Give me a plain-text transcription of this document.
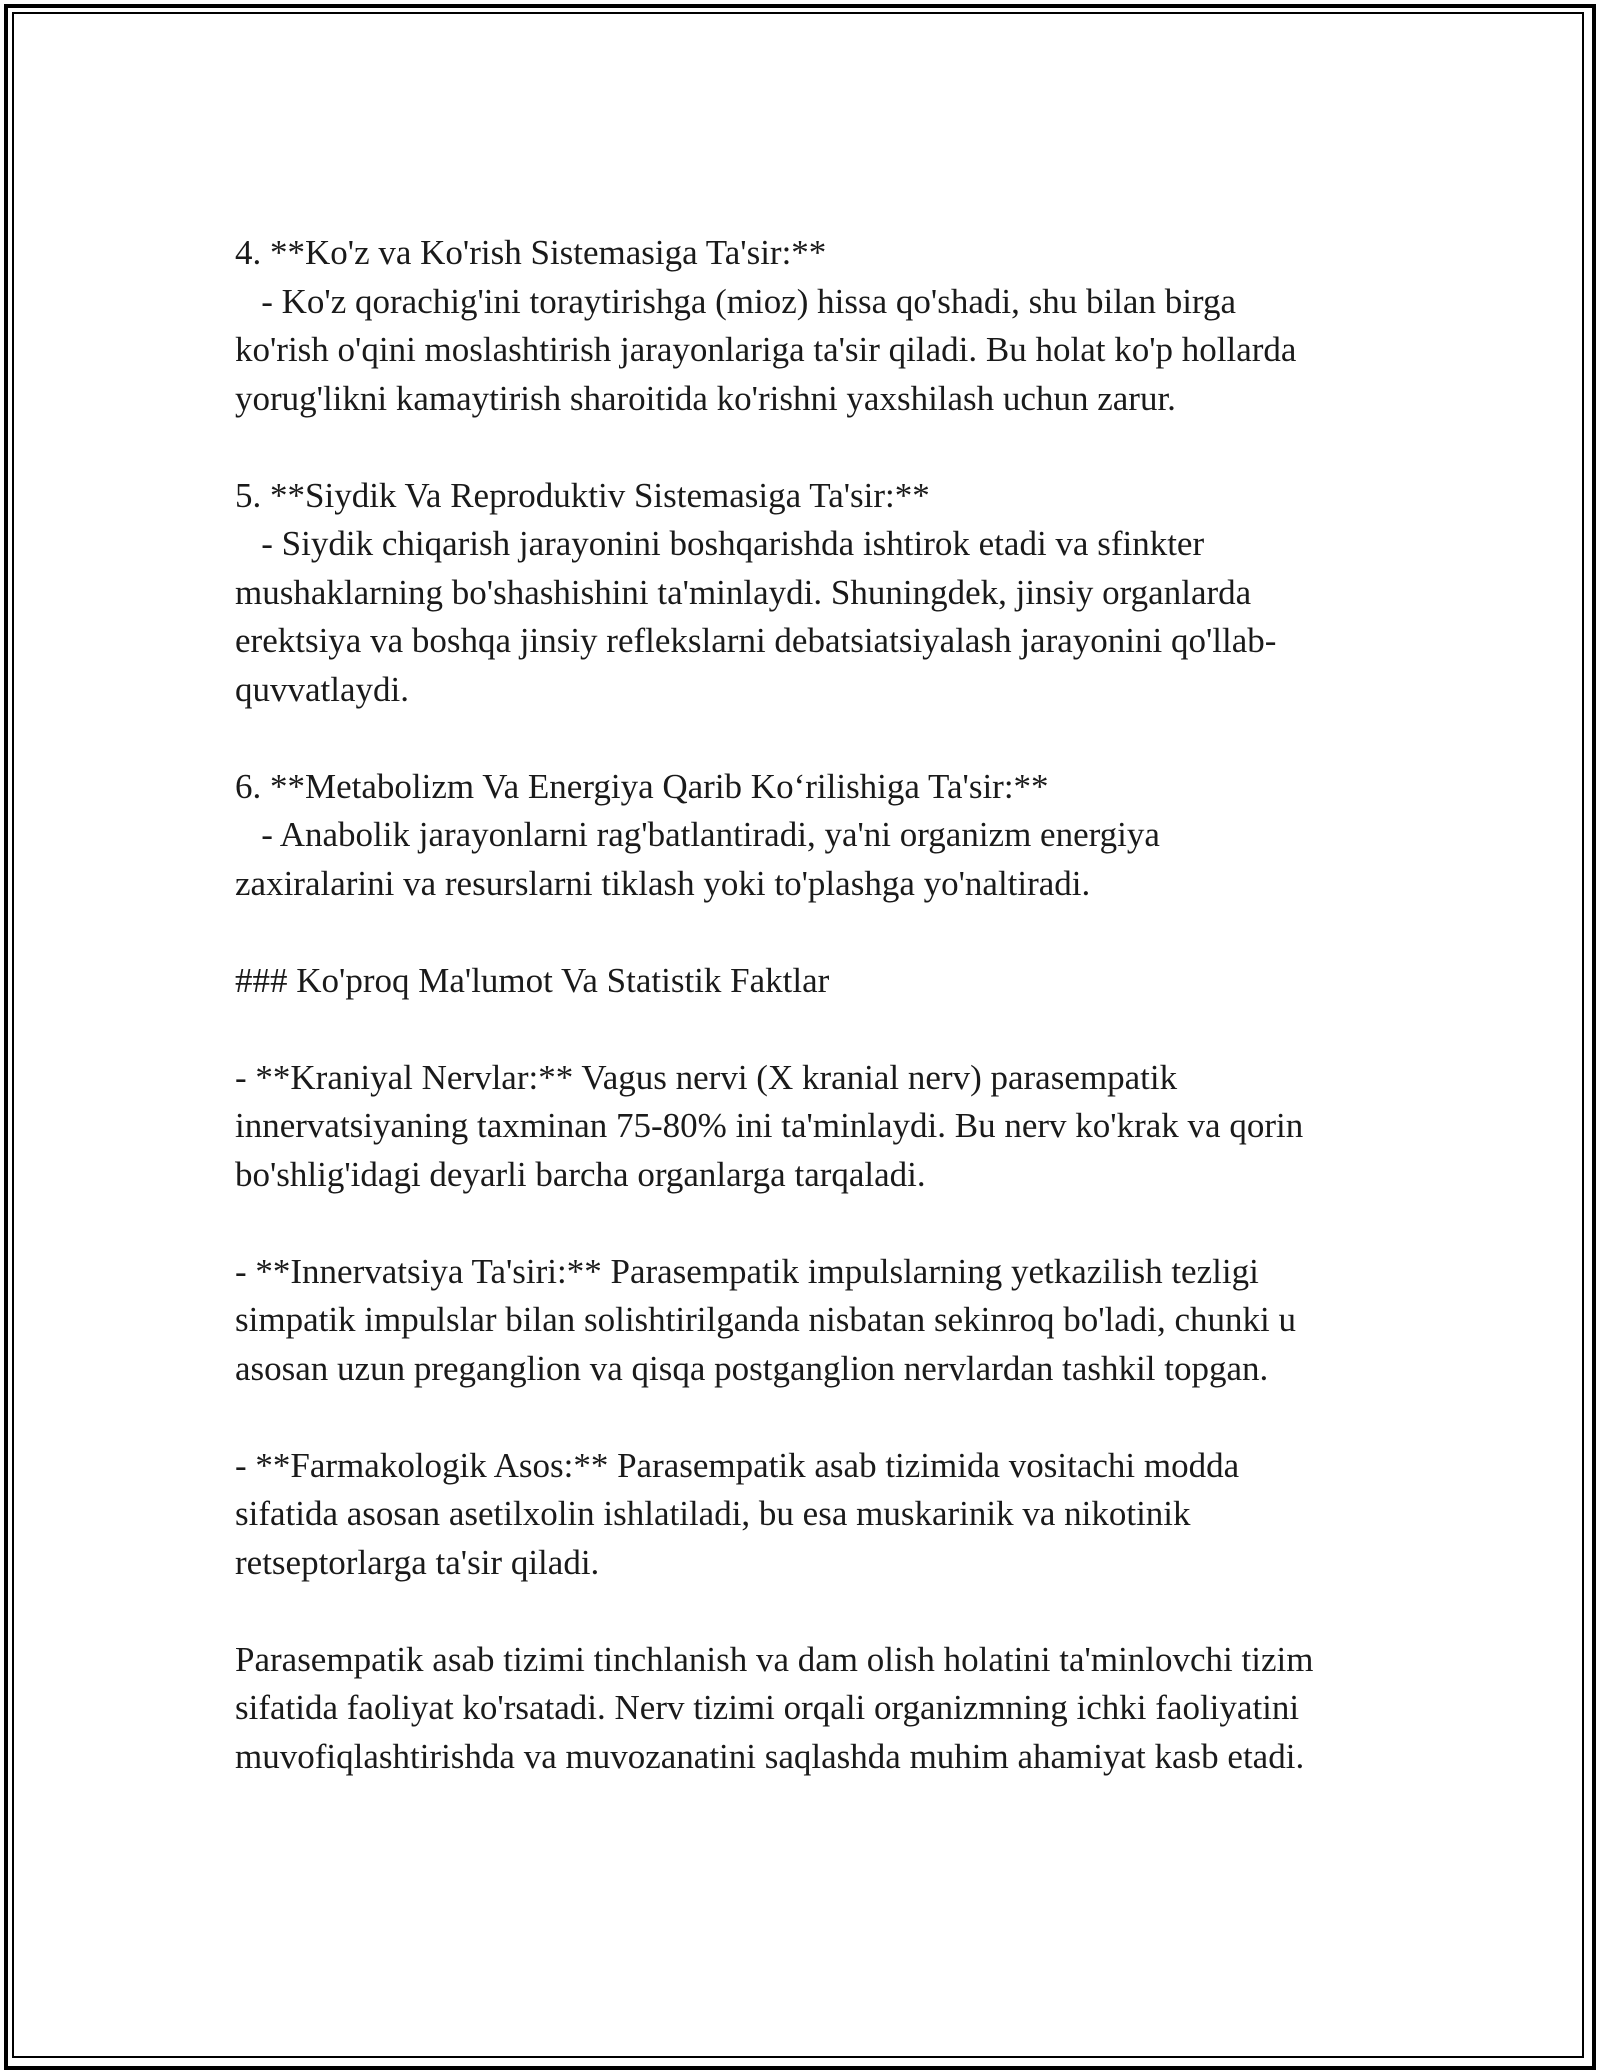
4. **Ko'z va Ko'rish Sistemasiga Ta'sir:**
- Ko'z qorachig'ini toraytirishga (mioz) hissa qo'shadi, shu bilan birga
ko'rish o'qini moslashtirish jarayonlariga ta'sir qiladi. Bu holat ko'p hollarda
yorug'likni kamaytirish sharoitida ko'rishni yaxshilash uchun zarur.
5. **Siydik Va Reproduktiv Sistemasiga Ta'sir:**
- Siydik chiqarish jarayonini boshqarishda ishtirok etadi va sfinkter
mushaklarning bo'shashishini ta'minlaydi. Shuningdek, jinsiy organlarda
erektsiya va boshqa jinsiy reflekslarni debatsiatsiyalash jarayonini qo'llab-
quvvatlaydi.
6. **Metabolizm Va Energiya Qarib Ko‘rilishiga Ta'sir:**
- Anabolik jarayonlarni rag'batlantiradi, ya'ni organizm energiya
zaxiralarini va resurslarni tiklash yoki to'plashga yo'naltiradi.
### Ko'proq Ma'lumot Va Statistik Faktlar
- **Kraniyal Nervlar:** Vagus nervi (X kranial nerv) parasempatik
innervatsiyaning taxminan 75-80% ini ta'minlaydi. Bu nerv ko'krak va qorin
bo'shlig'idagi deyarli barcha organlarga tarqaladi.
- **Innervatsiya Ta'siri:** Parasempatik impulslarning yetkazilish tezligi
simpatik impulslar bilan solishtirilganda nisbatan sekinroq bo'ladi, chunki u
asosan uzun preganglion va qisqa postganglion nervlardan tashkil topgan.
- **Farmakologik Asos:** Parasempatik asab tizimida vositachi modda
sifatida asosan asetilxolin ishlatiladi, bu esa muskarinik va nikotinik
retseptorlarga ta'sir qiladi.
Parasempatik asab tizimi tinchlanish va dam olish holatini ta'minlovchi tizim
sifatida faoliyat ko'rsatadi. Nerv tizimi orqali organizmning ichki faoliyatini
muvofiqlashtirishda va muvozanatini saqlashda muhim ahamiyat kasb etadi.
